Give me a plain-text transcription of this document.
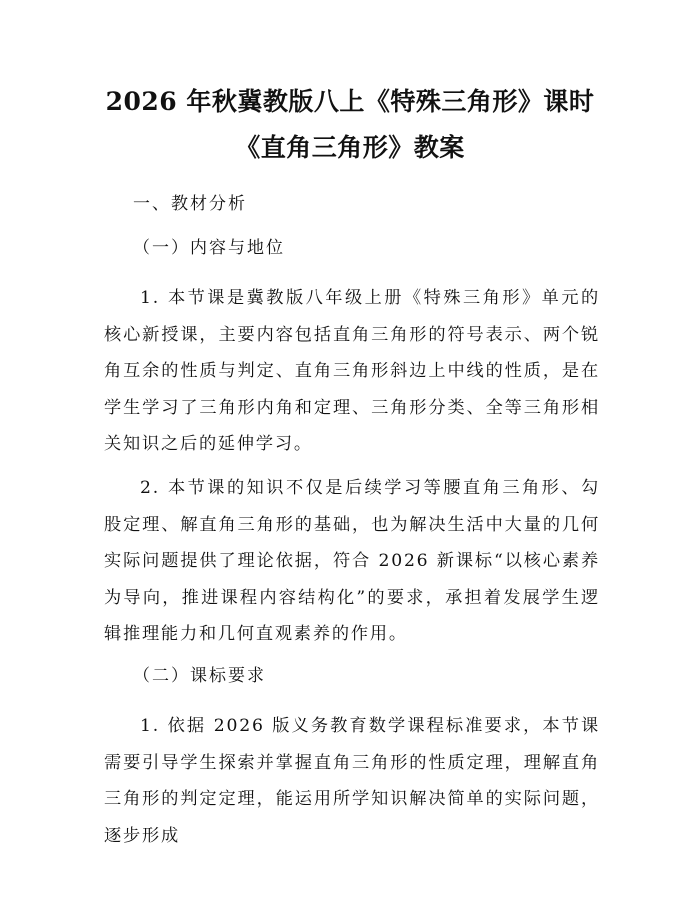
2026 年秋冀教版八上《特殊三角形》课时
《直角三角形》教案
一、教材分析
（一）内容与地位
1. 本节课是冀教版八年级上册《特殊三角形》单元的核心新授课，主要内容包括直角三角形的符号表示、两个锐角互余的性质与判定、直角三角形斜边上中线的性质，是在学生学习了三角形内角和定理、三角形分类、全等三角形相关知识之后的延伸学习。
2. 本节课的知识不仅是后续学习等腰直角三角形、勾股定理、解直角三角形的基础，也为解决生活中大量的几何实际问题提供了理论依据，符合 2026 新课标“以核心素养为导向，推进课程内容结构化”的要求，承担着发展学生逻辑推理能力和几何直观素养的作用。
（二）课标要求
1. 依据 2026 版义务教育数学课程标准要求，本节课需要引导学生探索并掌握直角三角形的性质定理，理解直角三角形的判定定理，能运用所学知识解决简单的实际问题，逐步形成
